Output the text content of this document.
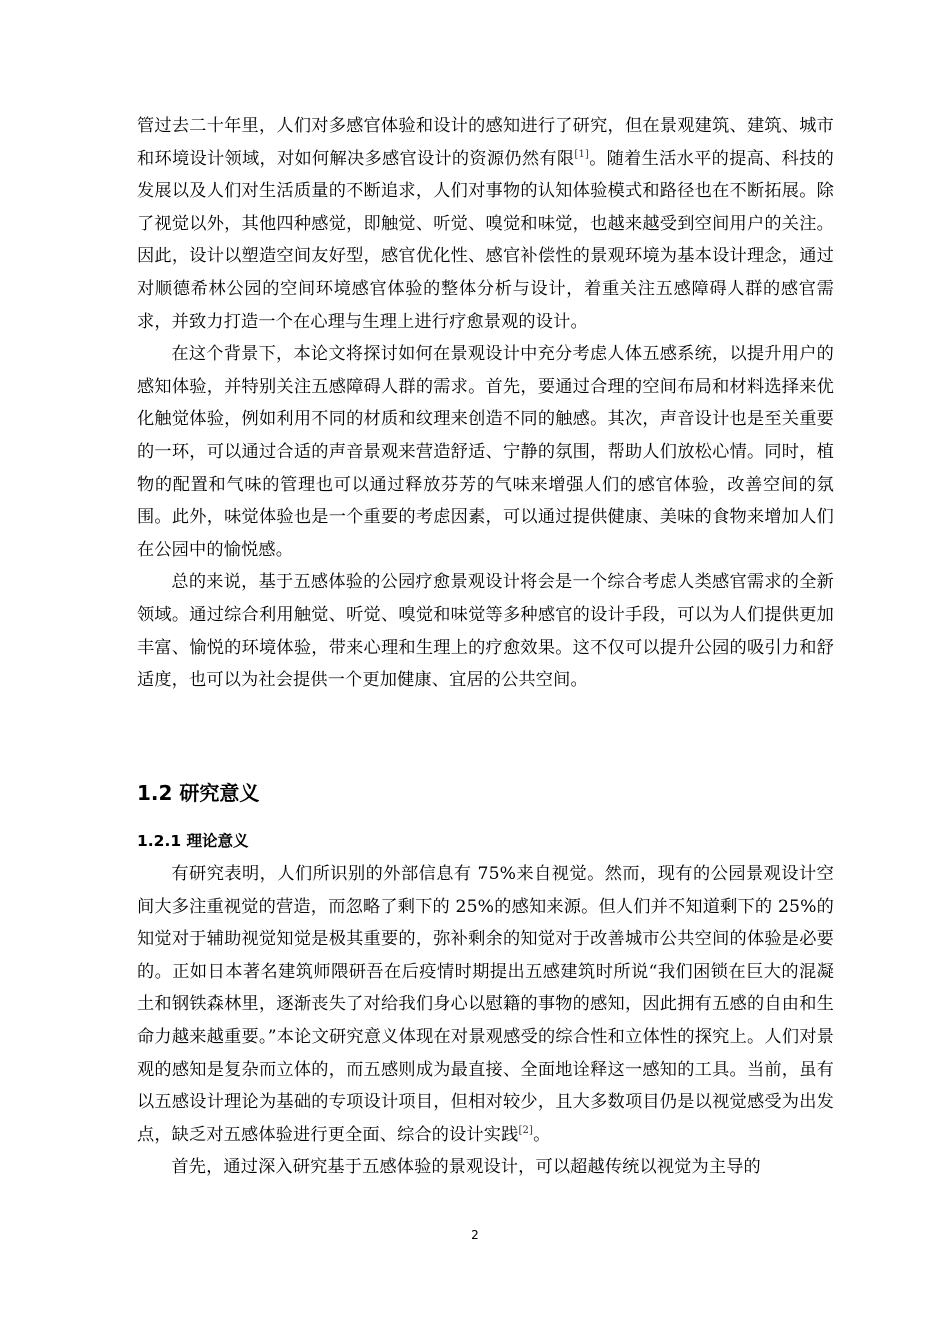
管过去二十年里，人们对多感官体验和设计的感知进行了研究，但在景观建筑、建筑、城市和环境设计领域，对如何解决多感官设计的资源仍然有限[1]。随着生活水平的提高、科技的发展以及人们对生活质量的不断追求，人们对事物的认知体验模式和路径也在不断拓展。除了视觉以外，其他四种感觉，即触觉、听觉、嗅觉和味觉，也越来越受到空间用户的关注。因此，设计以塑造空间友好型，感官优化性、感官补偿性的景观环境为基本设计理念，通过对顺德希林公园的空间环境感官体验的整体分析与设计，着重关注五感障碍人群的感官需求，并致力打造一个在心理与生理上进行疗愈景观的设计。

在这个背景下，本论文将探讨如何在景观设计中充分考虑人体五感系统，以提升用户的感知体验，并特别关注五感障碍人群的需求。首先，要通过合理的空间布局和材料选择来优化触觉体验，例如利用不同的材质和纹理来创造不同的触感。其次，声音设计也是至关重要的一环，可以通过合适的声音景观来营造舒适、宁静的氛围，帮助人们放松心情。同时，植物的配置和气味的管理也可以通过释放芬芳的气味来增强人们的感官体验，改善空间的氛围。此外，味觉体验也是一个重要的考虑因素，可以通过提供健康、美味的食物来增加人们在公园中的愉悦感。

总的来说，基于五感体验的公园疗愈景观设计将会是一个综合考虑人类感官需求的全新领域。通过综合利用触觉、听觉、嗅觉和味觉等多种感官的设计手段，可以为人们提供更加丰富、愉悦的环境体验，带来心理和生理上的疗愈效果。这不仅可以提升公园的吸引力和舒适度，也可以为社会提供一个更加健康、宜居的公共空间。

1.2 研究意义
1.2.1 理论意义

有研究表明，人们所识别的外部信息有 75%来自视觉。然而，现有的公园景观设计空间大多注重视觉的营造，而忽略了剩下的 25%的感知来源。但人们并不知道剩下的 25%的知觉对于辅助视觉知觉是极其重要的，弥补剩余的知觉对于改善城市公共空间的体验是必要的。正如日本著名建筑师隈研吾在后疫情时期提出五感建筑时所说“我们困锁在巨大的混凝土和钢铁森林里，逐渐丧失了对给我们身心以慰籍的事物的感知，因此拥有五感的自由和生命力越来越重要。”本论文研究意义体现在对景观感受的综合性和立体性的探究上。人们对景观的感知是复杂而立体的，而五感则成为最直接、全面地诠释这一感知的工具。当前，虽有以五感设计理论为基础的专项设计项目，但相对较少，且大多数项目仍是以视觉感受为出发点，缺乏对五感体验进行更全面、综合的设计实践[2]。

首先，通过深入研究基于五感体验的景观设计，可以超越传统以视觉为主导的

2
